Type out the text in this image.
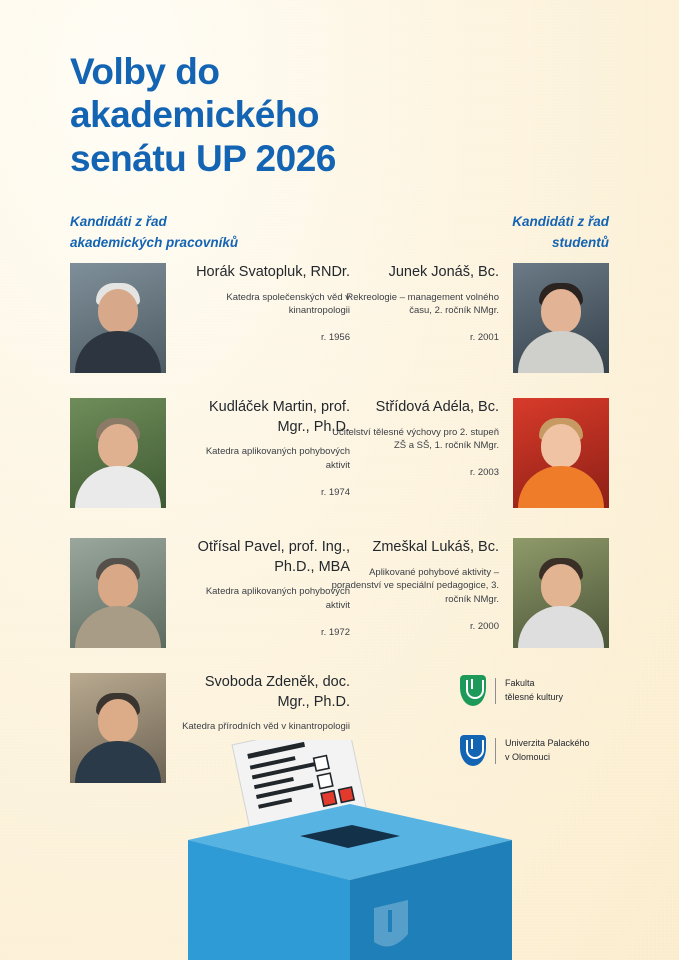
Volby do
akademického
senátu UP 2026
Kandidáti z řad
akademických pracovníků
Kandidáti z řad
studentů
Horák Svatopluk, RNDr.
Katedra společenských věd v kinantropologii
r. 1956
Kudláček Martin, prof. Mgr., Ph.D.
Katedra aplikovaných pohybových aktivit
r. 1974
Otřísal Pavel, prof. Ing., Ph.D., MBA
Katedra aplikovaných pohybových aktivit
r. 1972
Svoboda Zdeněk, doc. Mgr., Ph.D.
Katedra přírodních věd v kinantropologii
Junek Jonáš, Bc.
Rekreologie – management volného času, 2. ročník NMgr.
r. 2001
Střídová Adéla, Bc.
Učitelství tělesné výchovy pro 2. stupeň ZŠ a SŠ, 1. ročník NMgr.
r. 2003
Zmeškal Lukáš, Bc.
Aplikované pohybové aktivity – poradenství ve speciální pedagogice, 3. ročník NMgr.
r. 2000
Fakulta
tělesné kultury
Univerzita Palackého
v Olomouci
